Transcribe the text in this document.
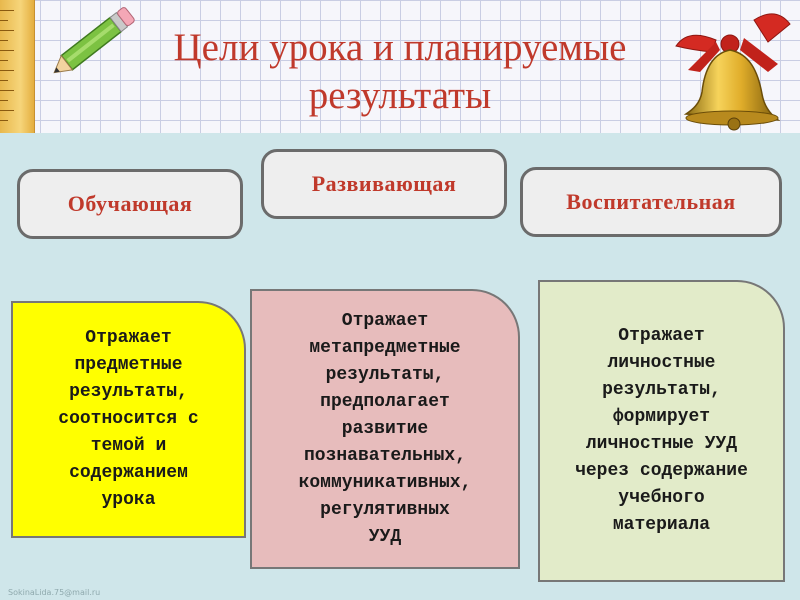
Цели урока и планируемые результаты
SokinaLida.75@mail.ru
Обучающая
Развивающая
Воспитательная
Отражает
предметные
результаты,
соотносится с
темой и
содержанием
урока
Отражает
метапредметные
результаты,
предполагает
развитие
познавательных,
коммуникативных,
регулятивных
УУД
Отражает
личностные
результаты,
формирует
личностные УУД
через содержание
учебного
материала
